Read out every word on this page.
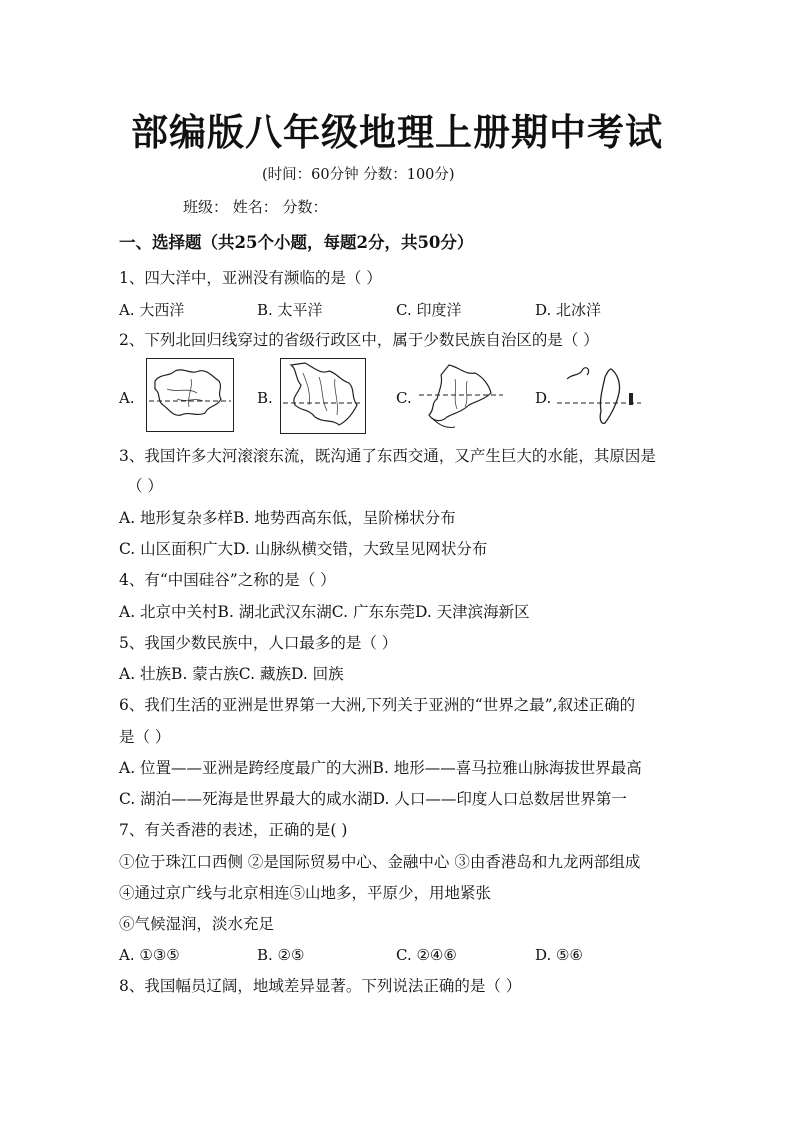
部编版八年级地理上册期中考试
(时间：60分钟 分数：100分)
班级： 姓名： 分数：
一、选择题（共25个小题，每题2分，共50分）
1、四大洋中，亚洲没有濒临的是（ ）
A. 大西洋	B. 太平洋	C. 印度洋	D. 北冰洋
2、下列北回归线穿过的省级行政区中，属于少数民族自治区的是（ ）
A.	B.	C.	D.
3、我国许多大河滚滚东流，既沟通了东西交通，又产生巨大的水能，其原因是
（ ）
A. 地形复杂多样B. 地势西高东低，呈阶梯状分布
C. 山区面积广大D. 山脉纵横交错，大致呈见网状分布
4、有“中国硅谷”之称的是（ ）
A. 北京中关村B. 湖北武汉东湖C. 广东东莞D. 天津滨海新区
5、我国少数民族中，人口最多的是（ ）
A. 壮族B. 蒙古族C. 藏族D. 回族
6、我们生活的亚洲是世界第一大洲,下列关于亚洲的“世界之最”,叙述正确的
是（ ）
A. 位置——亚洲是跨经度最广的大洲B. 地形——喜马拉雅山脉海拔世界最高
C. 湖泊——死海是世界最大的咸水湖D. 人口——印度人口总数居世界第一
7、有关香港的表述，正确的是( )
①位于珠江口西侧 ②是国际贸易中心、金融中心 ③由香港岛和九龙两部组成
④通过京广线与北京相连⑤山地多，平原少，用地紧张
⑥气候湿润，淡水充足
A. ①③⑤	B. ②⑤	C. ②④⑥	D. ⑤⑥
8、我国幅员辽阔，地域差异显著。下列说法正确的是（ ）
